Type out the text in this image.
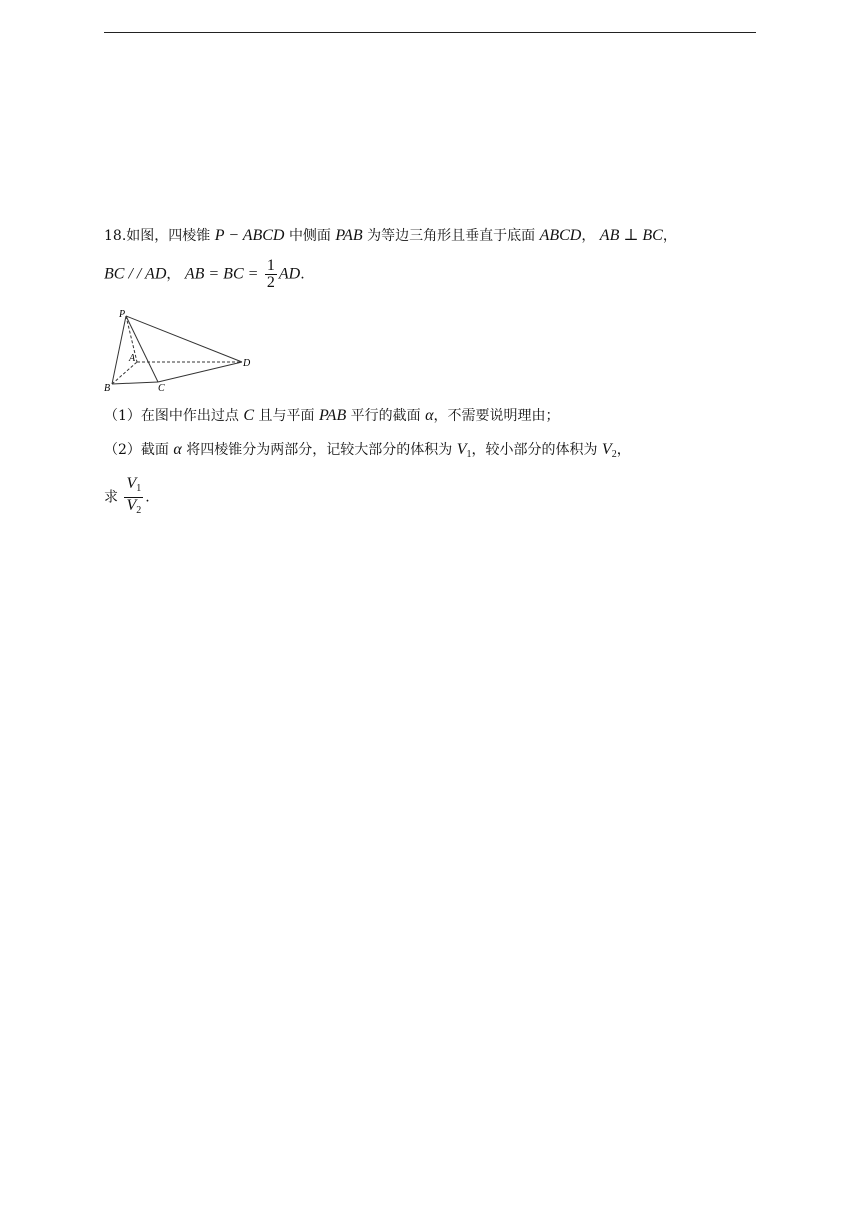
18.如图，四棱锥 P − ABCD 中侧面 PAB 为等边三角形且垂直于底面 ABCD， AB ⊥ BC，
BC / / AD， AB = BC = $\frac{1}{2}$ AD.
P
A
B	C
D
（1）在图中作出过点 C 且与平面 PAB 平行的截面 α，不需要说明理由；
（2）截面 α 将四棱锥分为两部分，记较大部分的体积为 $V_1$，较小部分的体积为 $V_2$，
求 $\frac{V_1}{V_2}$ .
